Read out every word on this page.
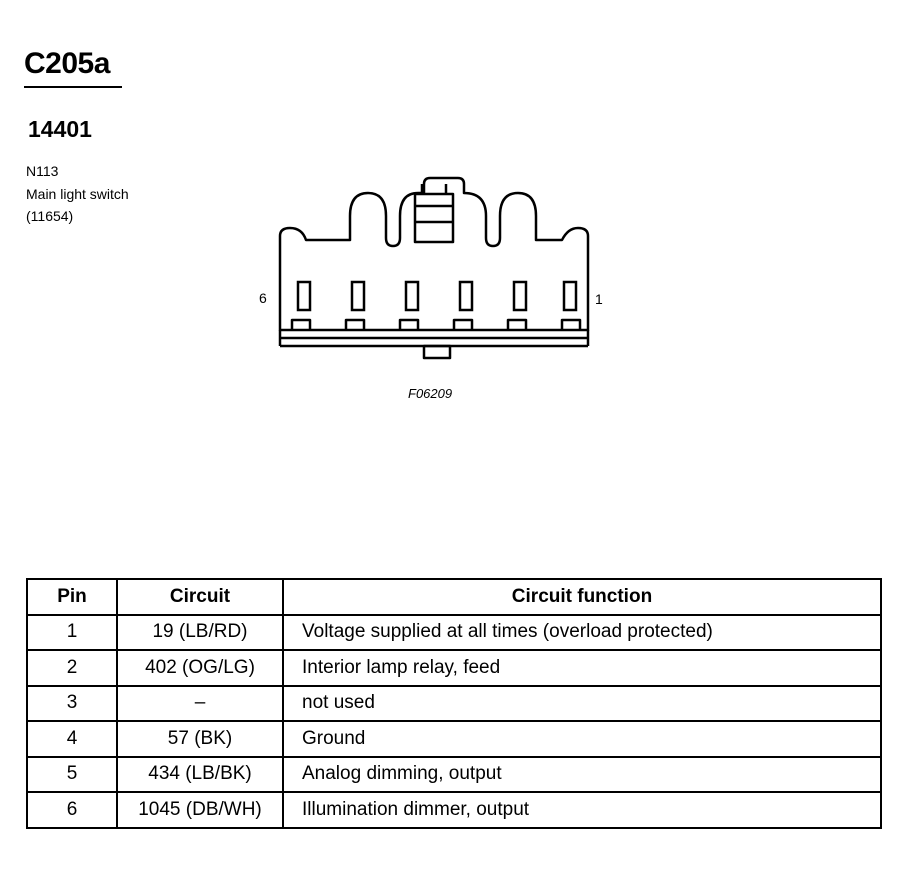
C205a
14401
N113
Main light switch
(11654)
6	1
F06209
Pin	Circuit	Circuit function
1	19 (LB/RD)	Voltage supplied at all times (overload protected)
2	402 (OG/LG)	Interior lamp relay, feed
3	–	not used
4	57 (BK)	Ground
5	434 (LB/BK)	Analog dimming, output
6	1045 (DB/WH)	Illumination dimmer, output
